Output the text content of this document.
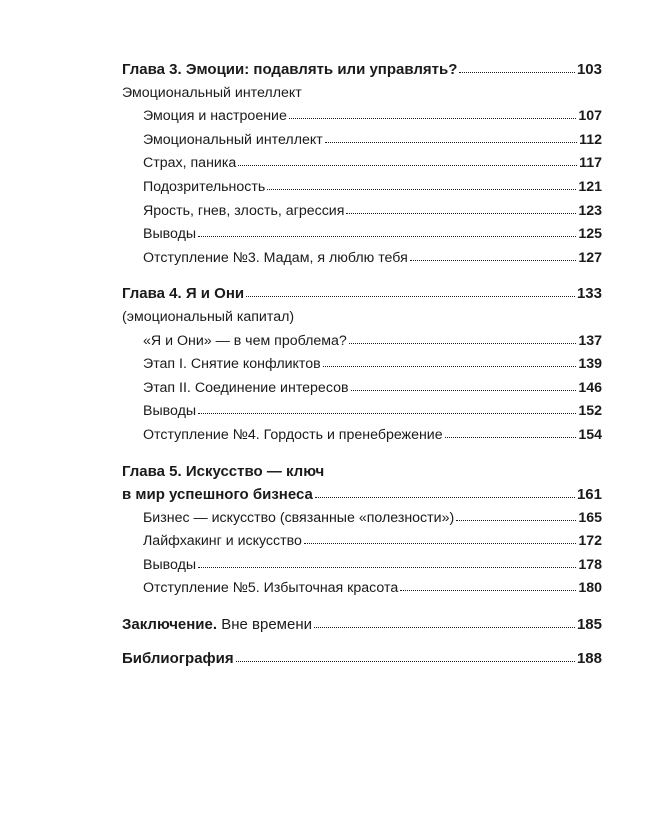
Глава 3. Эмоции: подавлять или управлять?	103
Эмоциональный интеллект
Эмоция и настроение	107
Эмоциональный интеллект	112
Страх, паника	117
Подозрительность	121
Ярость, гнев, злость, агрессия	123
Выводы	125
Отступление №3. Мадам, я люблю тебя	127
Глава 4. Я и Они	133
(эмоциональный капитал)
«Я и Они» — в чем проблема?	137
Этап I. Снятие конфликтов	139
Этап II. Соединение интересов	146
Выводы	152
Отступление №4. Гордость и пренебрежение	154
Глава 5. Искусство — ключ
в мир успешного бизнеса	161
Бизнес — искусство (связанные «полезности»)	165
Лайфхакинг и искусство	172
Выводы	178
Отступление №5. Избыточная красота	180
Заключение. Вне времени	185
Библиография	188
